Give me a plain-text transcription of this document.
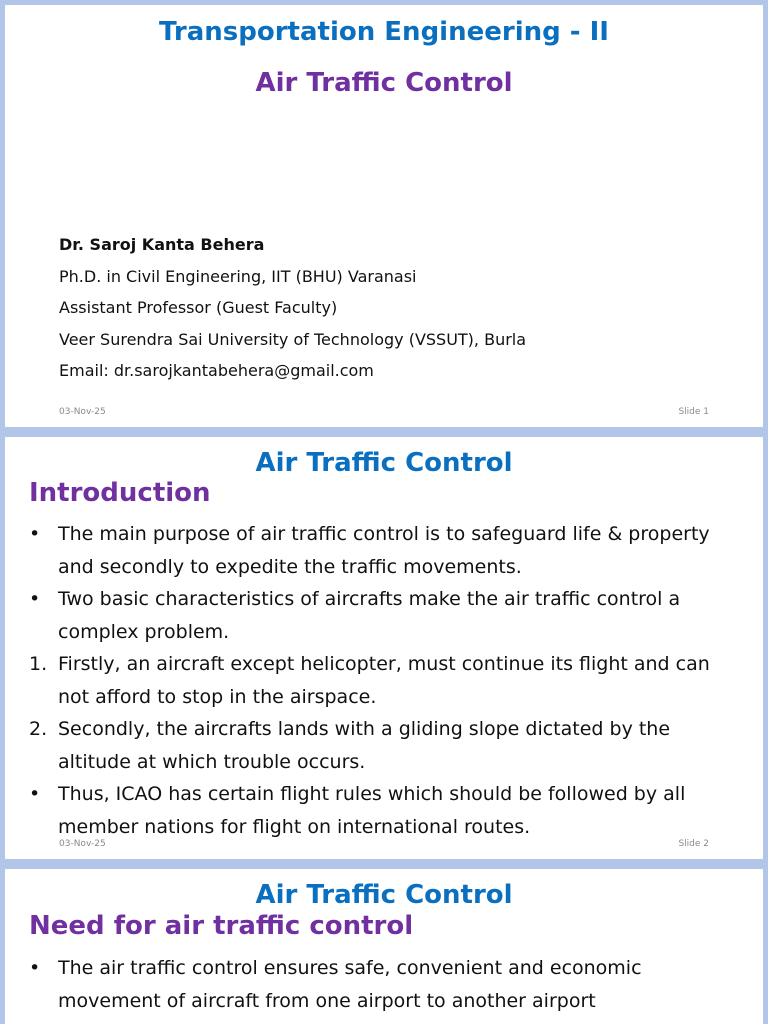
Transportation Engineering - II
Air Traffic Control
Dr. Saroj Kanta Behera
Ph.D. in Civil Engineering, IIT (BHU) Varanasi
Assistant Professor (Guest Faculty)
Veer Surendra Sai University of Technology (VSSUT), Burla
Email: dr.sarojkantabehera@gmail.com
03-Nov-25	Slide 1
Air Traffic Control
Introduction
• The main purpose of air traffic control is to safeguard life & property and secondly to expedite the traffic movements.
• Two basic characteristics of aircrafts make the air traffic control a complex problem.
1. Firstly, an aircraft except helicopter, must continue its flight and can not afford to stop in the airspace.
2. Secondly, the aircrafts lands with a gliding slope dictated by the altitude at which trouble occurs.
• Thus, ICAO has certain flight rules which should be followed by all member nations for flight on international routes.
03-Nov-25	Slide 2
Air Traffic Control
Need for air traffic control
• The air traffic control ensures safe, convenient and economic movement of aircraft from one airport to another airport
